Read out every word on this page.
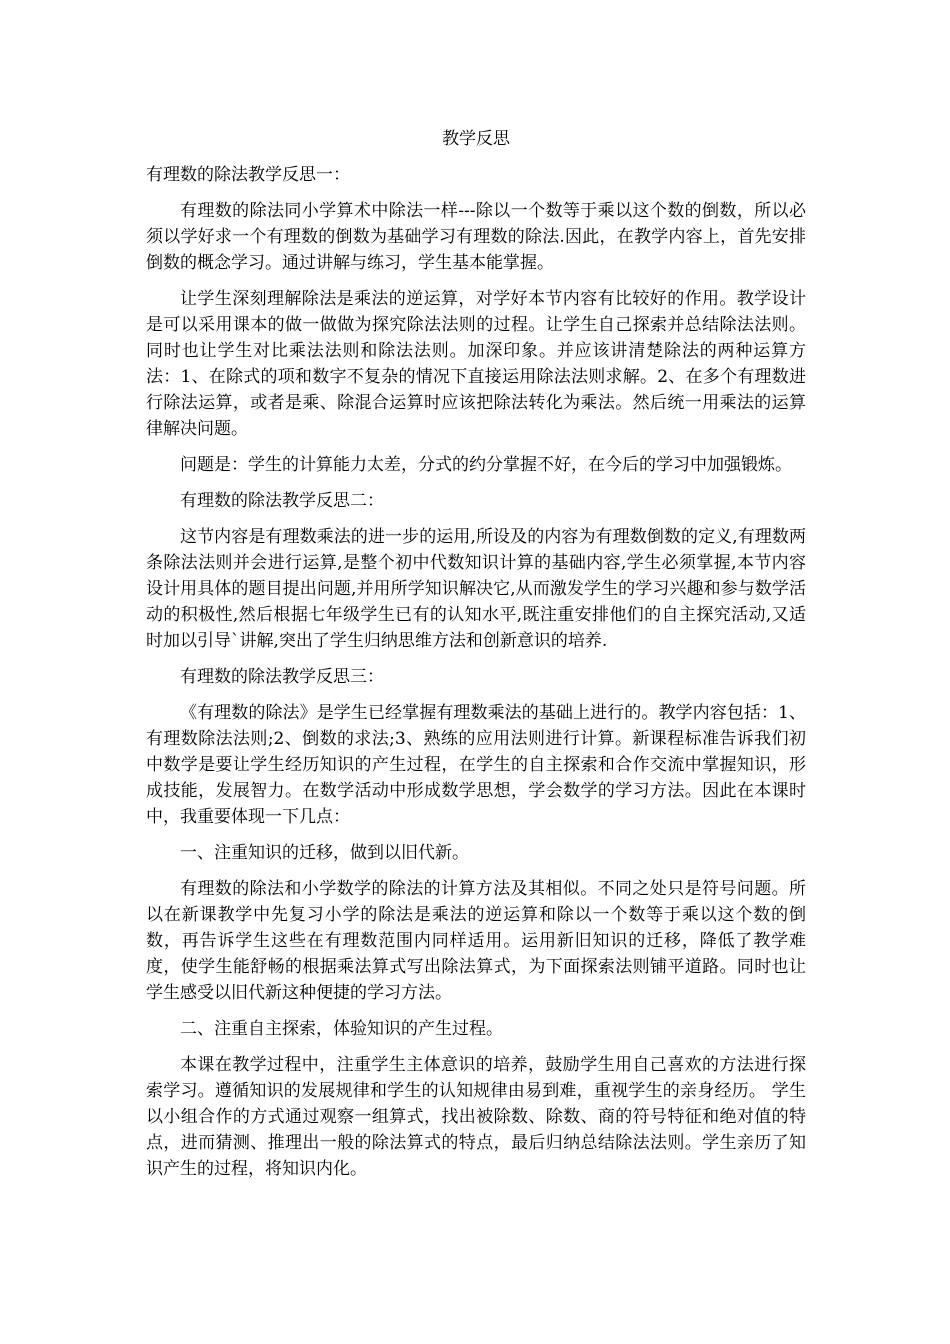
教学反思

有理数的除法教学反思一：

有理数的除法同小学算术中除法一样---除以一个数等于乘以这个数的倒数，所以必须以学好求一个有理数的倒数为基础学习有理数的除法.因此，在教学内容上，首先安排倒数的概念学习。通过讲解与练习，学生基本能掌握。

让学生深刻理解除法是乘法的逆运算，对学好本节内容有比较好的作用。教学设计是可以采用课本的做一做做为探究除法法则的过程。让学生自己探索并总结除法法则。同时也让学生对比乘法法则和除法法则。加深印象。并应该讲清楚除法的两种运算方法：1、在除式的项和数字不复杂的情况下直接运用除法法则求解。2、在多个有理数进行除法运算，或者是乘、除混合运算时应该把除法转化为乘法。然后统一用乘法的运算律解决问题。

问题是：学生的计算能力太差，分式的约分掌握不好，在今后的学习中加强锻炼。

有理数的除法教学反思二：

这节内容是有理数乘法的进一步的运用,所设及的内容为有理数倒数的定义,有理数两条除法法则并会进行运算,是整个初中代数知识计算的基础内容,学生必须掌握,本节内容设计用具体的题目提出问题,并用所学知识解决它,从而激发学生的学习兴趣和参与数学活动的积极性,然后根据七年级学生已有的认知水平,既注重安排他们的自主探究活动,又适时加以引导`讲解,突出了学生归纳思维方法和创新意识的培养.

有理数的除法教学反思三：

《有理数的除法》是学生已经掌握有理数乘法的基础上进行的。教学内容包括：1、有理数除法法则;2、倒数的求法;3、熟练的应用法则进行计算。新课程标准告诉我们初中数学是要让学生经历知识的产生过程，在学生的自主探索和合作交流中掌握知识，形成技能，发展智力。在数学活动中形成数学思想，学会数学的学习方法。因此在本课时中，我重要体现一下几点：

一、注重知识的迁移，做到以旧代新。

有理数的除法和小学数学的除法的计算方法及其相似。不同之处只是符号问题。所以在新课教学中先复习小学的除法是乘法的逆运算和除以一个数等于乘以这个数的倒数，再告诉学生这些在有理数范围内同样适用。运用新旧知识的迁移，降低了教学难度，使学生能舒畅的根据乘法算式写出除法算式，为下面探索法则铺平道路。同时也让学生感受以旧代新这种便捷的学习方法。

二、注重自主探索，体验知识的产生过程。

本课在教学过程中，注重学生主体意识的培养，鼓励学生用自己喜欢的方法进行探索学习。遵循知识的发展规律和学生的认知规律由易到难，重视学生的亲身经历。 学生以小组合作的方式通过观察一组算式，找出被除数、除数、商的符号特征和绝对值的特点，进而猜测、推理出一般的除法算式的特点，最后归纳总结除法法则。学生亲历了知识产生的过程，将知识内化。
